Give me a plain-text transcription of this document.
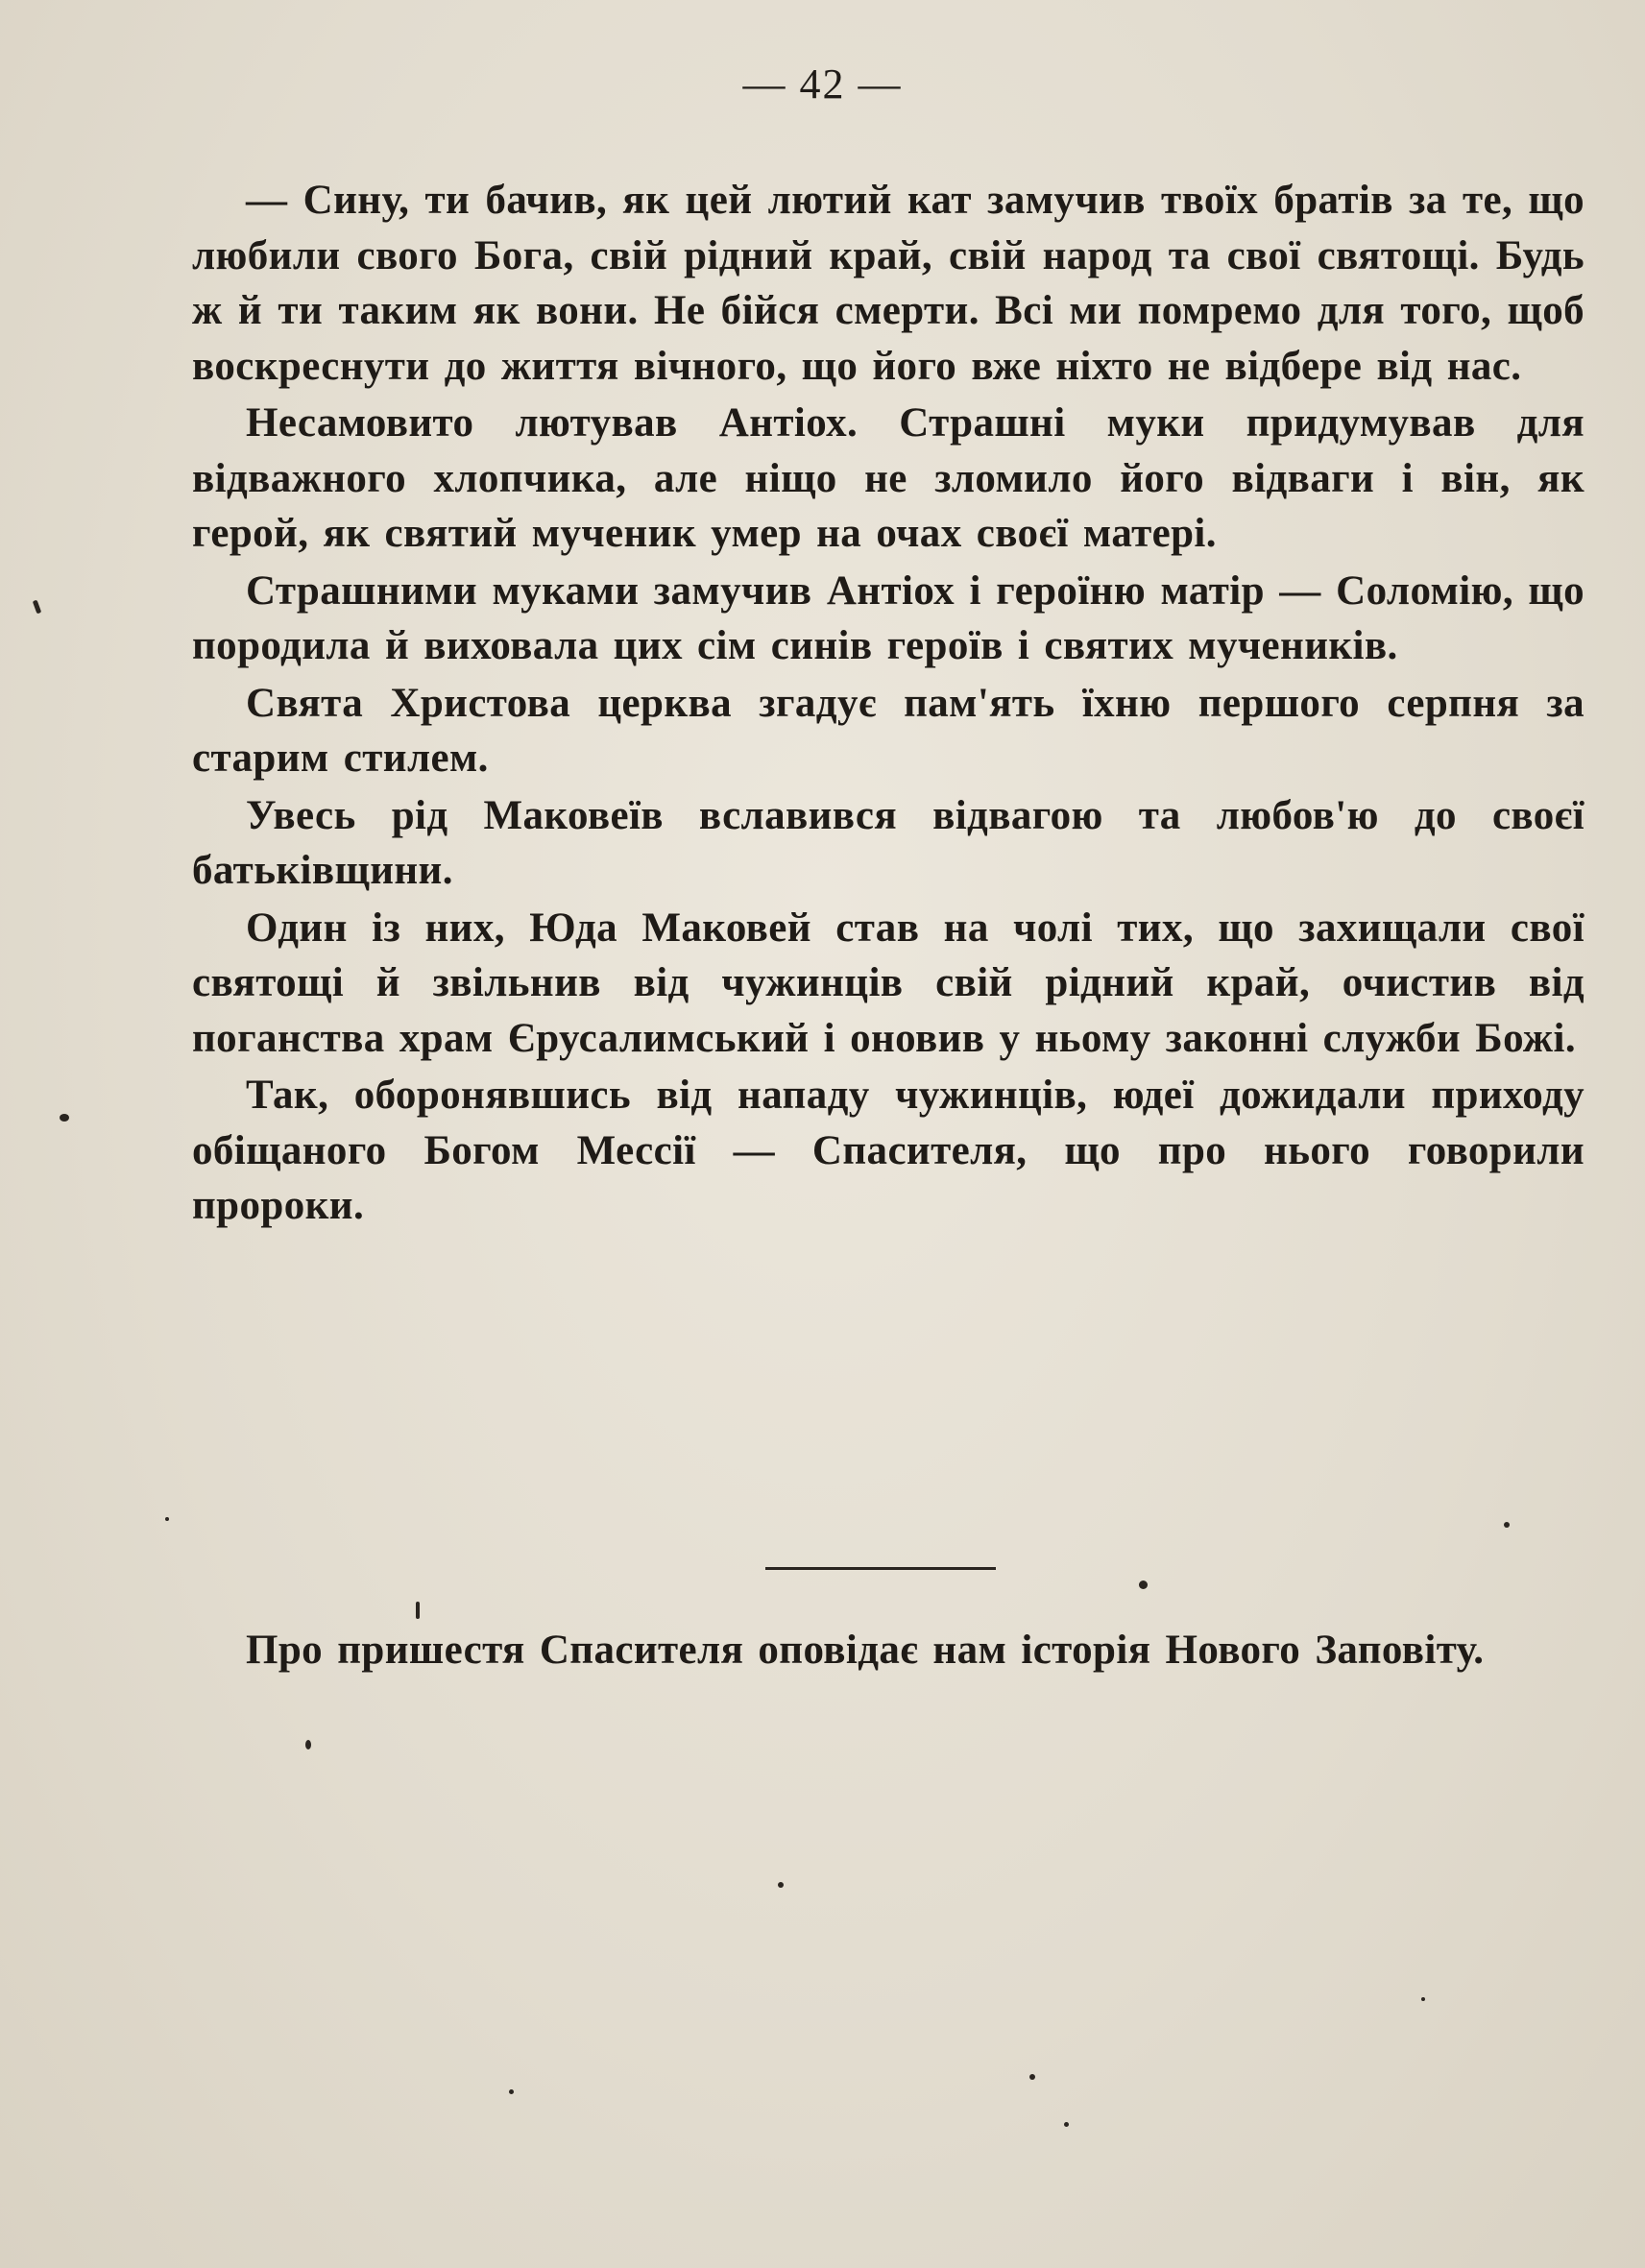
— 42 —

— Сину, ти бачив, як цей лютий кат замучив твоїх братів за те, що любили свого Бога, свій рідний край, свій народ та свої святощі. Будь ж й ти таким як вони. Не бійся смерти. Всі ми помремо для того, щоб воскреснути до життя вічного, що його вже ніхто не відбере від нас.

Несамовито лютував Антіох. Страшні муки придумував для відважного хлопчика, але ніщо не зломило його відваги і він, як герой, як святий мученик умер на очах своєї матері.

Страшними муками замучив Антіох і героїню матір — Соломію, що породила й виховала цих сім синів героїв і святих мучеників.

Свята Христова церква згадує пам'ять їхню першого серпня за старим стилем.

Увесь рід Маковеїв вславився відвагою та любов'ю до своєї батьківщини.

Один із них, Юда Маковей став на чолі тих, що захищали свої святощі й звільнив від чужинців свій рідний край, очистив від поганства храм Єрусалимський і оновив у ньому законні служби Божі.

Так, оборонявшись від нападу чужинців, юдеї дожидали приходу обіщаного Богом Мессії — Спасителя, що про нього говорили пророки.

Про пришестя Спасителя оповідає нам історія Нового Заповіту.
